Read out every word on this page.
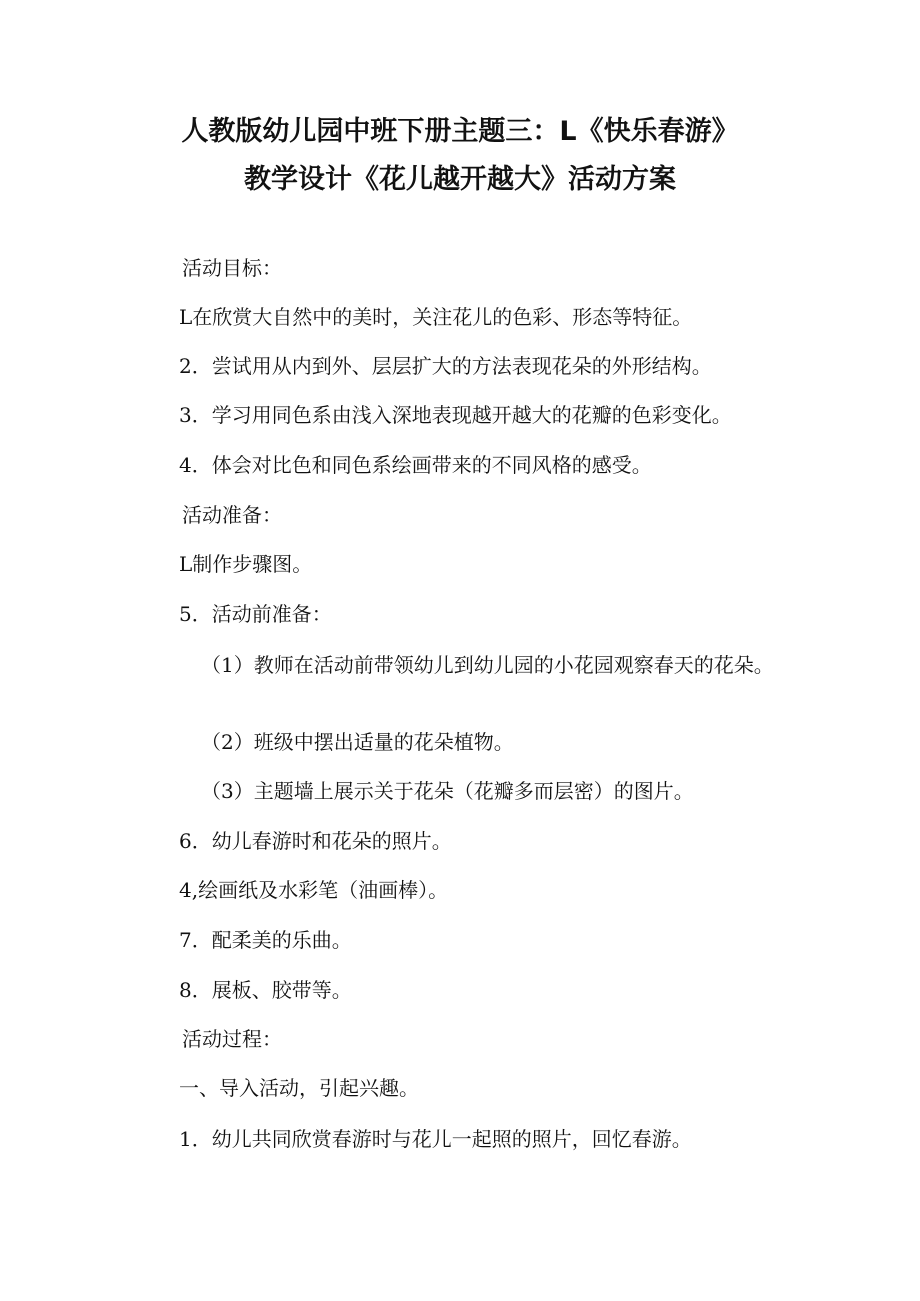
人教版幼儿园中班下册主题三：L《快乐春游》
教学设计《花儿越开越大》活动方案

活动目标：

L在欣赏大自然中的美时，关注花儿的色彩、形态等特征。

2．尝试用从内到外、层层扩大的方法表现花朵的外形结构。

3．学习用同色系由浅入深地表现越开越大的花瓣的色彩变化。

4．体会对比色和同色系绘画带来的不同风格的感受。

活动准备：

L制作步骤图。

5．活动前准备：

（1）教师在活动前带领幼儿到幼儿园的小花园观察春天的花朵。

（2）班级中摆出适量的花朵植物。

（3）主题墙上展示关于花朵（花瓣多而层密）的图片。

6．幼儿春游时和花朵的照片。

4,绘画纸及水彩笔（油画棒）。

7．配柔美的乐曲。

8．展板、胶带等。

活动过程：

一、导入活动，引起兴趣。

1．幼儿共同欣赏春游时与花儿一起照的照片，回忆春游。
